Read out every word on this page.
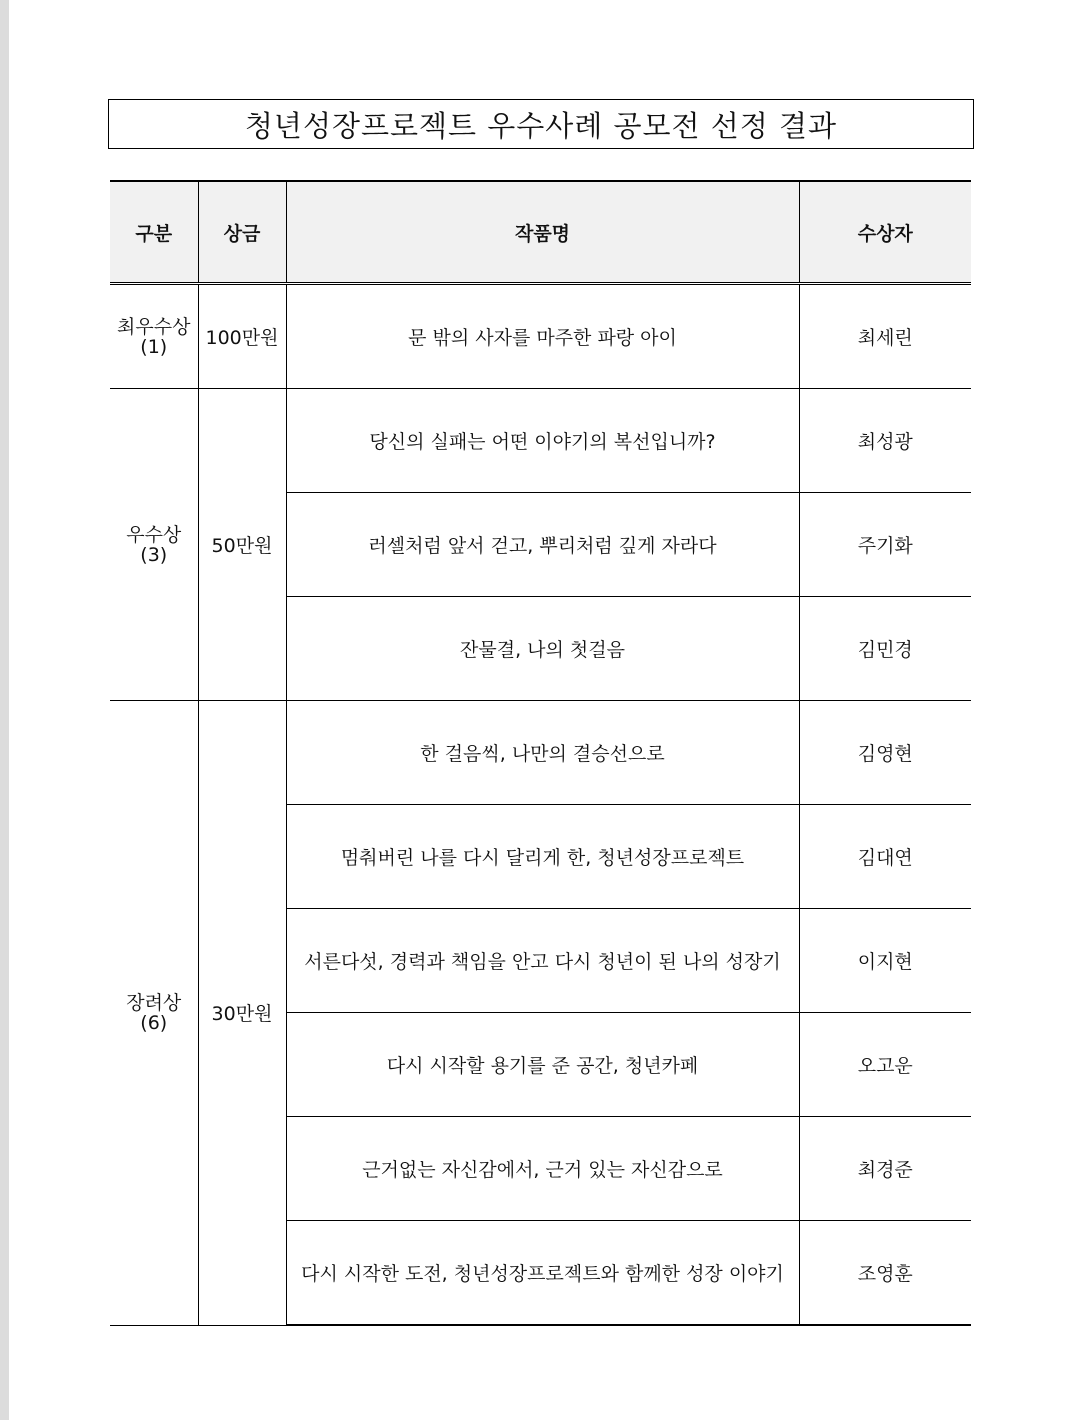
청년성장프로젝트 우수사례 공모전 선정 결과
구분	상금	작품명	수상자

최우수상
(1)	100만원	문 밖의 사자를 마주한 파랑 아이	최세린

우수상
(3)	50만원	당신의 실패는 어떤 이야기의 복선입니까?	최성광
		러셀처럼 앞서 걷고, 뿌리처럼 깊게 자라다	주기화
		잔물결, 나의 첫걸음	김민경

장려상
(6)	30만원	한 걸음씩, 나만의 결승선으로	김영현
		멈춰버린 나를 다시 달리게 한, 청년성장프로젝트	김대연
		서른다섯, 경력과 책임을 안고 다시 청년이 된 나의 성장기	이지현
		다시 시작할 용기를 준 공간, 청년카페	오고운
		근거없는 자신감에서, 근거 있는 자신감으로	최경준
		다시 시작한 도전, 청년성장프로젝트와 함께한 성장 이야기	조영훈
